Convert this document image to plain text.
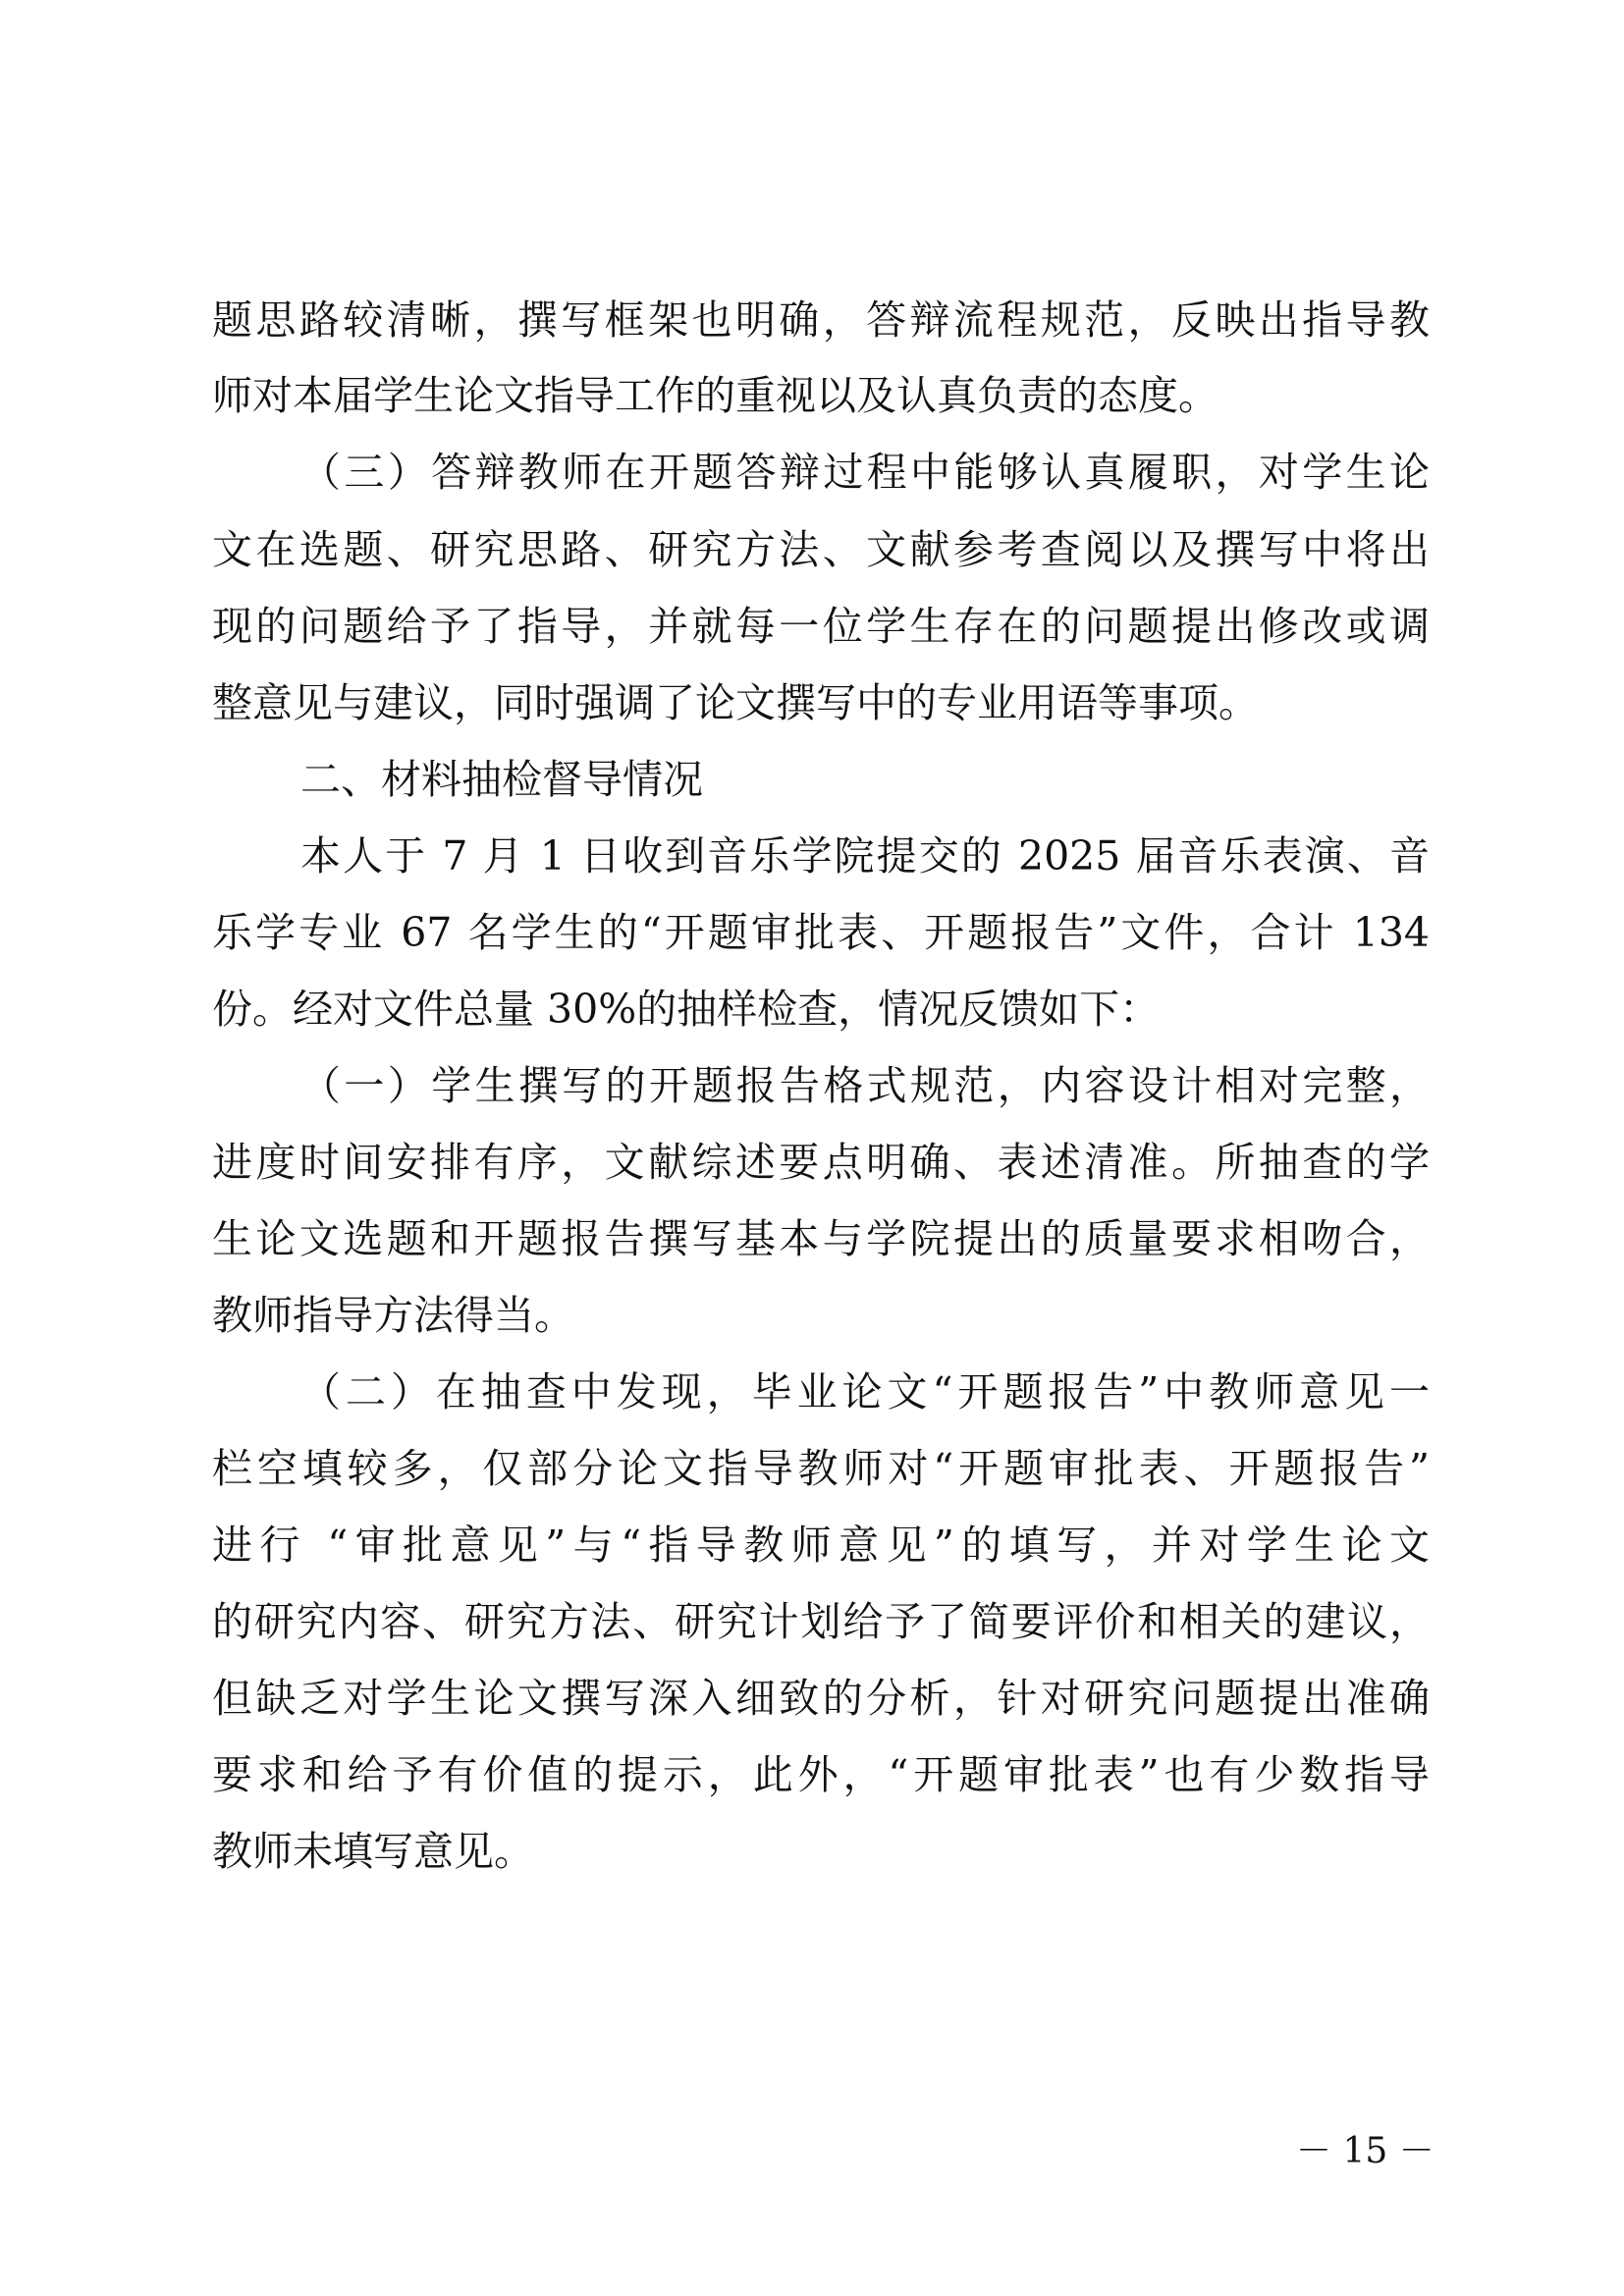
题思路较清晰，撰写框架也明确，答辩流程规范，反映出指导教
师对本届学生论文指导工作的重视以及认真负责的态度。
（三）答辩教师在开题答辩过程中能够认真履职，对学生论
文在选题、研究思路、研究方法、文献参考查阅以及撰写中将出
现的问题给予了指导，并就每一位学生存在的问题提出修改或调
整意见与建议，同时强调了论文撰写中的专业用语等事项。
二、材料抽检督导情况
本人于 7 月 1 日收到音乐学院提交的 2025 届音乐表演、音
乐学专业 67 名学生的“开题审批表、开题报告”文件，合计 134
份。经对文件总量 30%的抽样检查，情况反馈如下：
（一）学生撰写的开题报告格式规范，内容设计相对完整，
进度时间安排有序，文献综述要点明确、表述清准。所抽查的学
生论文选题和开题报告撰写基本与学院提出的质量要求相吻合，
教师指导方法得当。
（二）在抽查中发现，毕业论文“开题报告”中教师意见一
栏空填较多，仅部分论文指导教师对“开题审批表、开题报告”
进行 “审批意见”与“指导教师意见”的填写，并对学生论文
的研究内容、研究方法、研究计划给予了简要评价和相关的建议，
但缺乏对学生论文撰写深入细致的分析，针对研究问题提出准确
要求和给予有价值的提示，此外，“开题审批表”也有少数指导
教师未填写意见。
－ 15 －
